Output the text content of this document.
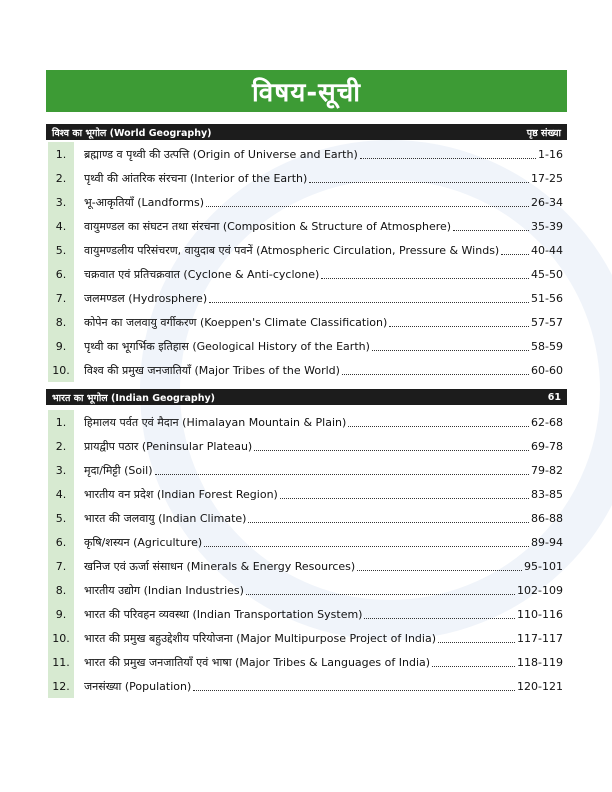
विषय-सूची
विश्व का भूगोल (World Geography)	पृष्ठ संख्या
1.	ब्रह्माण्ड व पृथ्वी की उत्पत्ति (Origin of Universe and Earth)	1-16
2.	पृथ्वी की आंतरिक संरचना (Interior of the Earth)	17-25
3.	भू-आकृतियाँ (Landforms)	26-34
4.	वायुमण्डल का संघटन तथा संरचना (Composition & Structure of Atmosphere)	35-39
5.	वायुमण्डलीय परिसंचरण, वायुदाब एवं पवनें (Atmospheric Circulation, Pressure & Winds)	40-44
6.	चक्रवात एवं प्रतिचक्रवात (Cyclone & Anti-cyclone)	45-50
7.	जलमण्डल (Hydrosphere)	51-56
8.	कोपेन का जलवायु वर्गीकरण (Koeppen's Climate Classification)	57-57
9.	पृथ्वी का भूगर्भिक इतिहास (Geological History of the Earth)	58-59
10.	विश्व की प्रमुख जनजातियाँ (Major Tribes of the World)	60-60
भारत का भूगोल (Indian Geography)	61
1.	हिमालय पर्वत एवं मैदान (Himalayan Mountain & Plain)	62-68
2.	प्रायद्वीप पठार (Peninsular Plateau)	69-78
3.	मृदा/मिट्टी (Soil)	79-82
4.	भारतीय वन प्रदेश (Indian Forest Region)	83-85
5.	भारत की जलवायु (Indian Climate)	86-88
6.	कृषि/शस्यन (Agriculture)	89-94
7.	खनिज एवं ऊर्जा संसाधन (Minerals & Energy Resources)	95-101
8.	भारतीय उद्योग (Indian Industries)	102-109
9.	भारत की परिवहन व्यवस्था (Indian Transportation System)	110-116
10.	भारत की प्रमुख बहुउद्देशीय परियोजना (Major Multipurpose Project of India)	117-117
11.	भारत की प्रमुख जनजातियाँ एवं भाषा (Major Tribes & Languages of India)	118-119
12.	जनसंख्या (Population)	120-121
